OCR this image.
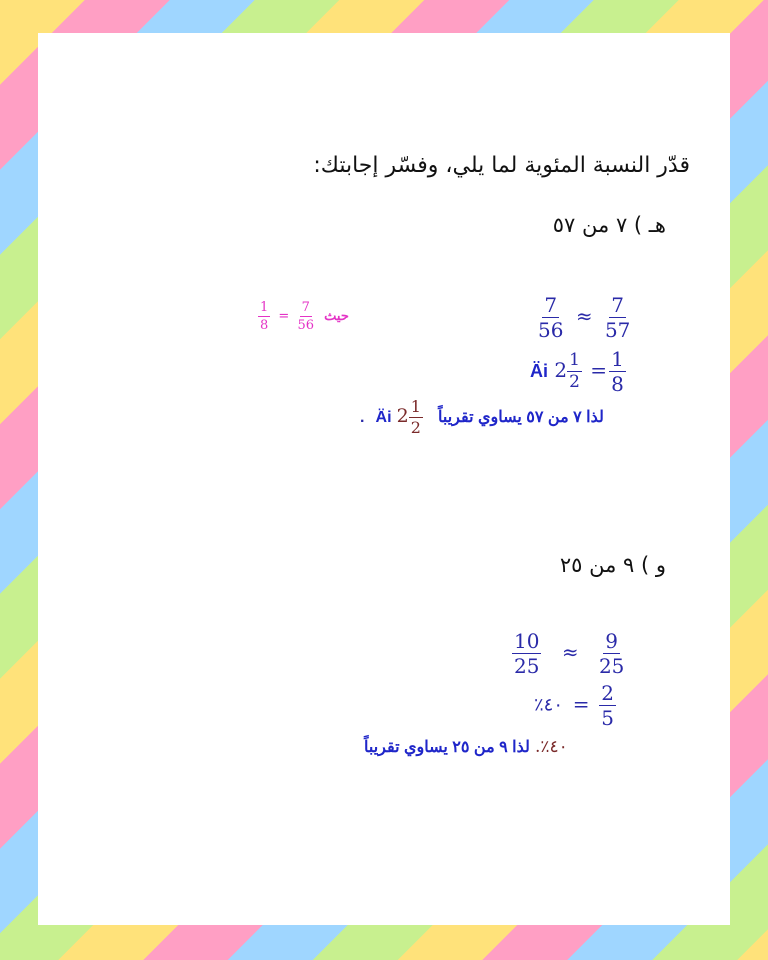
قدّر النسبة المئوية لما يلي، وفسّر إجابتك:
هـ ) ٧ من ٥٧
$\frac{1}{8} = \frac{7}{56}$ حيث	$\frac{7}{56} \approx \frac{7}{57}$
Äi $2 \frac{1}{2} = \frac{1}{8}$
. Äi $2 \frac{1}{2}$ لذا ٧ من ٥٧ يساوي تقريباً
و ) ٩ من ٢٥
$\frac{10}{25} \approx \frac{9}{25}$
٪٤٠ = $\frac{2}{5}$
٤٠٪. لذا ٩ من ٢٥ يساوي تقريباً
